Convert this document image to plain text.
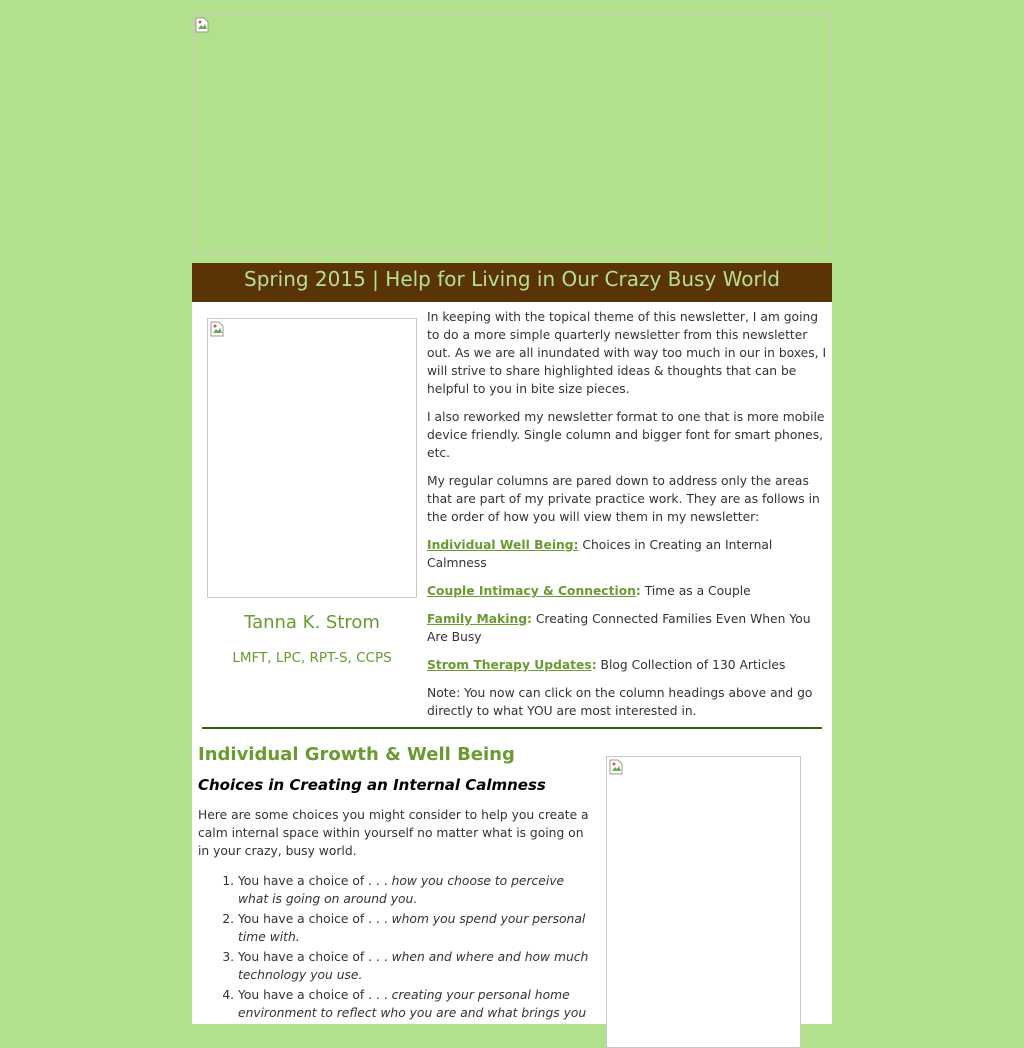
Spring 2015 | Help for Living in Our Crazy Busy World
Tanna K. Strom
LMFT, LPC, RPT-S, CCPS

In keeping with the topical theme of this newsletter, I am going to do a more simple quarterly newsletter from this newsletter out. As we are all inundated with way too much in our in boxes, I will strive to share highlighted ideas & thoughts that can be helpful to you in bite size pieces.

I also reworked my newsletter format to one that is more mobile device friendly. Single column and bigger font for smart phones, etc.

My regular columns are pared down to address only the areas that are part of my private practice work. They are as follows in the order of how you will view them in my newsletter:

Individual Well Being: Choices in Creating an Internal Calmness

Couple Intimacy & Connection: Time as a Couple

Family Making: Creating Connected Families Even When You Are Busy

Strom Therapy Updates: Blog Collection of 130 Articles

Note: You now can click on the column headings above and go directly to what YOU are most interested in.

Individual Growth & Well Being
Choices in Creating an Internal Calmness

Here are some choices you might consider to help you create a calm internal space within yourself no matter what is going on in your crazy, busy world.

1. You have a choice of . . . how you choose to perceive what is going on around you.
2. You have a choice of . . . whom you spend your personal time with.
3. You have a choice of . . . when and where and how much technology you use.
4. You have a choice of . . . creating your personal home environment to reflect who you are and what brings you
